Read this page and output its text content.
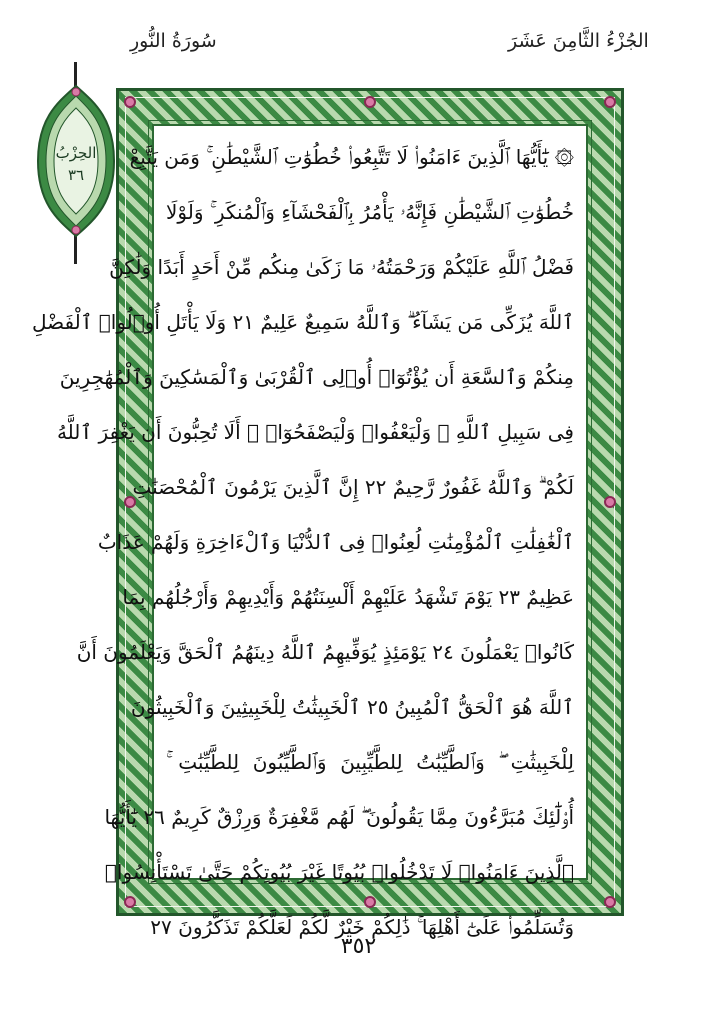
الجُزْءُ الثَّامِنَ عَشَرَ
سُورَةُ النُّورِ
الحِزْبُ
٣٦
۞ يَٰٓأَيُّهَا ٱلَّذِينَ ءَامَنُوا۟ لَا تَتَّبِعُوا۟ خُطُوَٰتِ ٱلشَّيْطَٰنِ ۚ وَمَن يَتَّبِعْ
خُطُوَٰتِ ٱلشَّيْطَٰنِ فَإِنَّهُۥ يَأْمُرُ بِٱلْفَحْشَآءِ وَٱلْمُنكَرِ ۚ وَلَوْلَا
فَضْلُ ٱللَّهِ عَلَيْكُمْ وَرَحْمَتُهُۥ مَا زَكَىٰ مِنكُم مِّنْ أَحَدٍ أَبَدًا وَلَٰكِنَّ
ٱللَّهَ يُزَكِّى مَن يَشَآءُ ۗ وَٱللَّهُ سَمِيعٌ عَلِيمٌ ٢١ وَلَا يَأْتَلِ أُو۟لُوا۟ ٱلْفَضْلِ
مِنكُمْ وَٱلسَّعَةِ أَن يُؤْتُوٓا۟ أُو۟لِى ٱلْقُرْبَىٰ وَٱلْمَسَٰكِينَ وَٱلْمُهَٰجِرِينَ
فِى سَبِيلِ ٱللَّهِ ۖ وَلْيَعْفُوا۟ وَلْيَصْفَحُوٓا۟ ۗ أَلَا تُحِبُّونَ أَن يَغْفِرَ ٱللَّهُ
لَكُمْ ۗ وَٱللَّهُ غَفُورٌ رَّحِيمٌ ٢٢ إِنَّ ٱلَّذِينَ يَرْمُونَ ٱلْمُحْصَنَٰتِ
ٱلْغَٰفِلَٰتِ ٱلْمُؤْمِنَٰتِ لُعِنُوا۟ فِى ٱلدُّنْيَا وَٱلْءَاخِرَةِ وَلَهُمْ عَذَابٌ
عَظِيمٌ ٢٣ يَوْمَ تَشْهَدُ عَلَيْهِمْ أَلْسِنَتُهُمْ وَأَيْدِيهِمْ وَأَرْجُلُهُم بِمَا
كَانُوا۟ يَعْمَلُونَ ٢٤ يَوْمَئِذٍ يُوَفِّيهِمُ ٱللَّهُ دِينَهُمُ ٱلْحَقَّ وَيَعْلَمُونَ أَنَّ
ٱللَّهَ هُوَ ٱلْحَقُّ ٱلْمُبِينُ ٢٥ ٱلْخَبِيثَٰتُ لِلْخَبِيثِينَ وَٱلْخَبِيثُونَ
لِلْخَبِيثَٰتِ ۖ وَٱلطَّيِّبَٰتُ لِلطَّيِّبِينَ وَٱلطَّيِّبُونَ لِلطَّيِّبَٰتِ ۚ
أُو۟لَٰٓئِكَ مُبَرَّءُونَ مِمَّا يَقُولُونَ ۖ لَهُم مَّغْفِرَةٌ وَرِزْقٌ كَرِيمٌ ٢٦ يَٰٓأَيُّهَا
ٱلَّذِينَ ءَامَنُوا۟ لَا تَدْخُلُوا۟ بُيُوتًا غَيْرَ بُيُوتِكُمْ حَتَّىٰ تَسْتَأْنِسُوا۟
وَتُسَلِّمُوا۟ عَلَىٰٓ أَهْلِهَا ۚ ذَٰلِكُمْ خَيْرٌ لَّكُمْ لَعَلَّكُمْ تَذَكَّرُونَ ٢٧
٣٥٢
